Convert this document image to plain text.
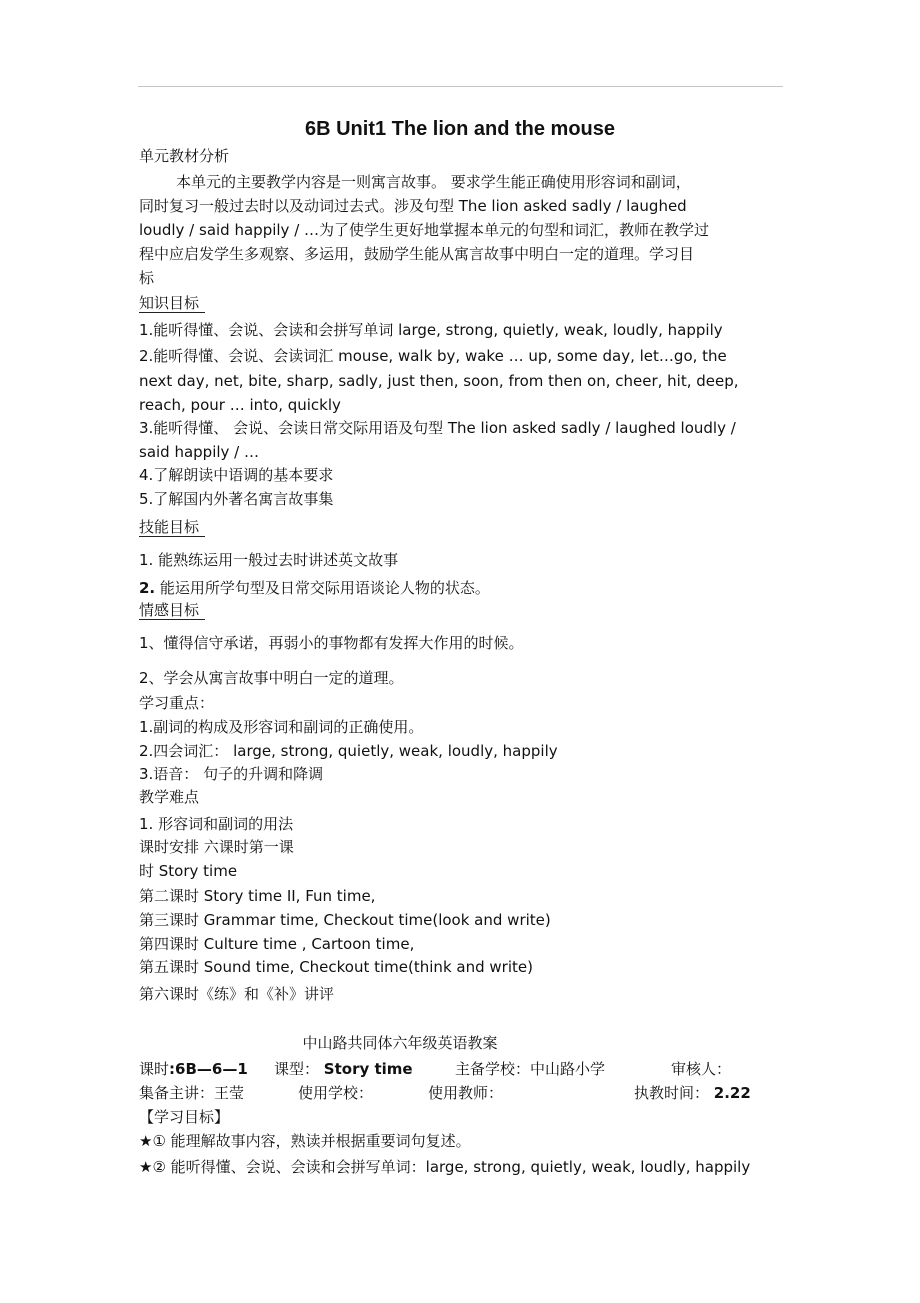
6B Unit1 The lion and the mouse
单元教材分析
本单元的主要教学内容是一则寓言故事。 要求学生能正确使用形容词和副词，
同时复习一般过去时以及动词过去式。涉及句型 The lion asked sadly / laughed
loudly / said happily / …为了使学生更好地掌握本单元的句型和词汇，教师在教学过
程中应启发学生多观察、多运用，鼓励学生能从寓言故事中明白一定的道理。学习目
标
知识目标
1.能听得懂、会说、会读和会拼写单词 large, strong, quietly, weak, loudly, happily
2.能听得懂、会说、会读词汇 mouse, walk by, wake … up, some day, let…go, the
next day, net, bite, sharp, sadly, just then, soon, from then on, cheer, hit, deep,
reach, pour … into, quickly
3.能听得懂、 会说、会读日常交际用语及句型 The lion asked sadly / laughed loudly /
said happily / …
4.了解朗读中语调的基本要求
5.了解国内外著名寓言故事集
技能目标
1. 能熟练运用一般过去时讲述英文故事
2. 能运用所学句型及日常交际用语谈论人物的状态。
情感目标
1、懂得信守承诺，再弱小的事物都有发挥大作用的时候。
2、学会从寓言故事中明白一定的道理。
学习重点：
1.副词的构成及形容词和副词的正确使用。
2.四会词汇： large, strong, quietly, weak, loudly, happily
3.语音： 句子的升调和降调
教学难点
1. 形容词和副词的用法
课时安排 六课时第一课
时 Story time
第二课时 Story time II, Fun time,
第三课时 Grammar time, Checkout time(look and write)
第四课时 Culture time , Cartoon time,
第五课时 Sound time, Checkout time(think and write)
第六课时《练》和《补》讲评
中山路共同体六年级英语教案
课时:6B—6—1 课型： Story time	主备学校：中山路小学	审核人：
集备主讲：王莹	使用学校：	使用教师：	执教时间： 2.22
【学习目标】
★① 能理解故事内容，熟读并根据重要词句复述。
★② 能听得懂、会说、会读和会拼写单词：large, strong, quietly, weak, loudly, happily
